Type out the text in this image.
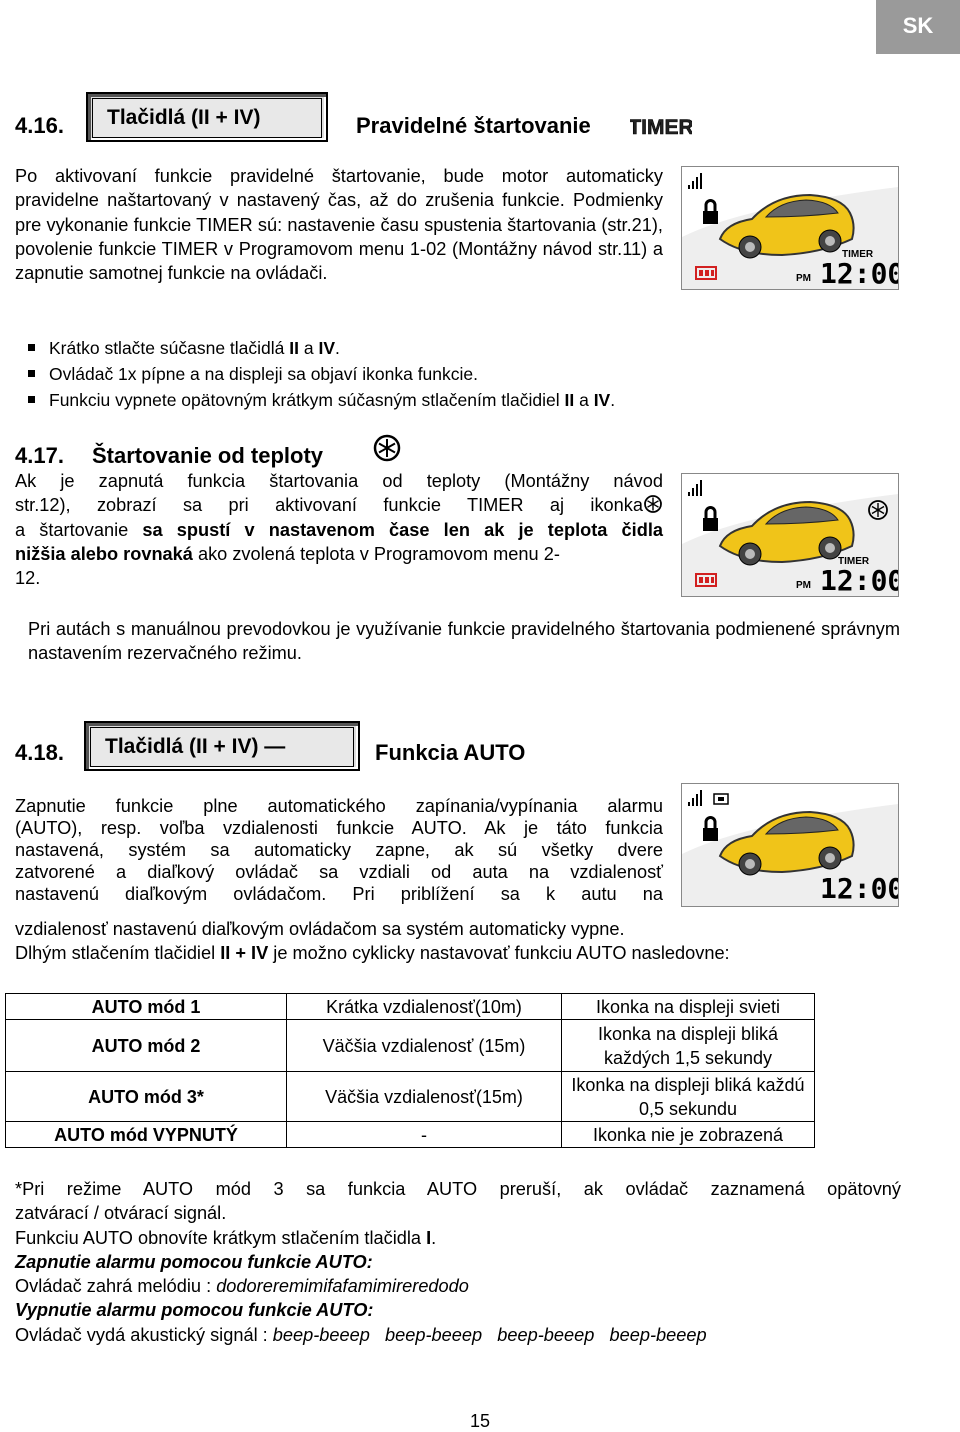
SK
4.16.	Tlačidlá (II + IV)	Pravidelné štartovanie TIMER

Po aktivovaní funkcie pravidelné štartovanie, bude motor automaticky pravidelne naštartovaný v nastavený čas, až do zrušenia funkcie. Podmienky pre vykonanie funkcie TIMER sú: nastavenie času spustenia štartovania (str.21), povolenie funkcie TIMER v Programovom menu 1-02 (Montážny návod str.11) a zapnutie samotnej funkcie na ovládači.

TIMER
PM 12:00
Krátko stlačte súčasne tlačidlá II a IV.
Ovládač 1x pípne a na displeji sa objaví ikonka funkcie.
Funkciu vypnete opätovným krátkym súčasným stlačením tlačidiel II a IV.
4.17. Štartovanie od teploty
Ak je zapnutá funkcia štartovania od teploty (Montážny návod
str.12), zobrazí sa pri aktivovaní funkcie TIMER aj ikonka
a štartovanie sa spustí v nastavenom čase len ak je teplota čidla
nižšia alebo rovnaká ako zvolená teplota v Programovom menu 2-
12.
TIMER
PM 12:00
Pri autách s manuálnou prevodovkou je využívanie funkcie pravidelného štartovania podmienené správnym nastavením rezervačného režimu.
4.18.	Tlačidlá (II + IV) —	Funkcia AUTO
Zapnutie funkcie plne automatického zapínania/vypínania alarmu
(AUTO), resp. voľba vzdialenosti funkcie AUTO. Ak je táto funkcia
nastavená, systém sa automaticky zapne, ak sú všetky dvere
zatvorené a diaľkový ovládač sa vzdiali od auta na vzdialenosť
nastavenú diaľkovým ovládačom. Pri priblížení sa k autu na
vzdialenosť nastavenú diaľkovým ovládačom sa systém automaticky vypne.
Dlhým stlačením tlačidiel II + IV je možno cyklicky nastavovať funkciu AUTO nasledovne:
12:00
AUTO mód 1	Krátka vzdialenosť(10m)	Ikonka na displeji svieti
AUTO mód 2	Väčšia vzdialenosť (15m)	Ikonka na displeji bliká každých 1,5 sekundy
AUTO mód 3*	Väčšia vzdialenosť(15m)	Ikonka na displeji bliká každú 0,5 sekundu
AUTO mód VYPNUTÝ	-	Ikonka nie je zobrazená
*Pri režime AUTO mód 3 sa funkcia AUTO preruší, ak ovládač zaznamená opätovný
zatvárací / otvárací signál.
Funkciu AUTO obnovíte krátkym stlačením tlačidla I.
Zapnutie alarmu pomocou funkcie AUTO:
Ovládač zahrá melódiu : dodoreremimifafamimireredodo
Vypnutie alarmu pomocou funkcie AUTO:
Ovládač vydá akustický signál : beep-beeep   beep-beeep   beep-beeep   beep-beeep
15
